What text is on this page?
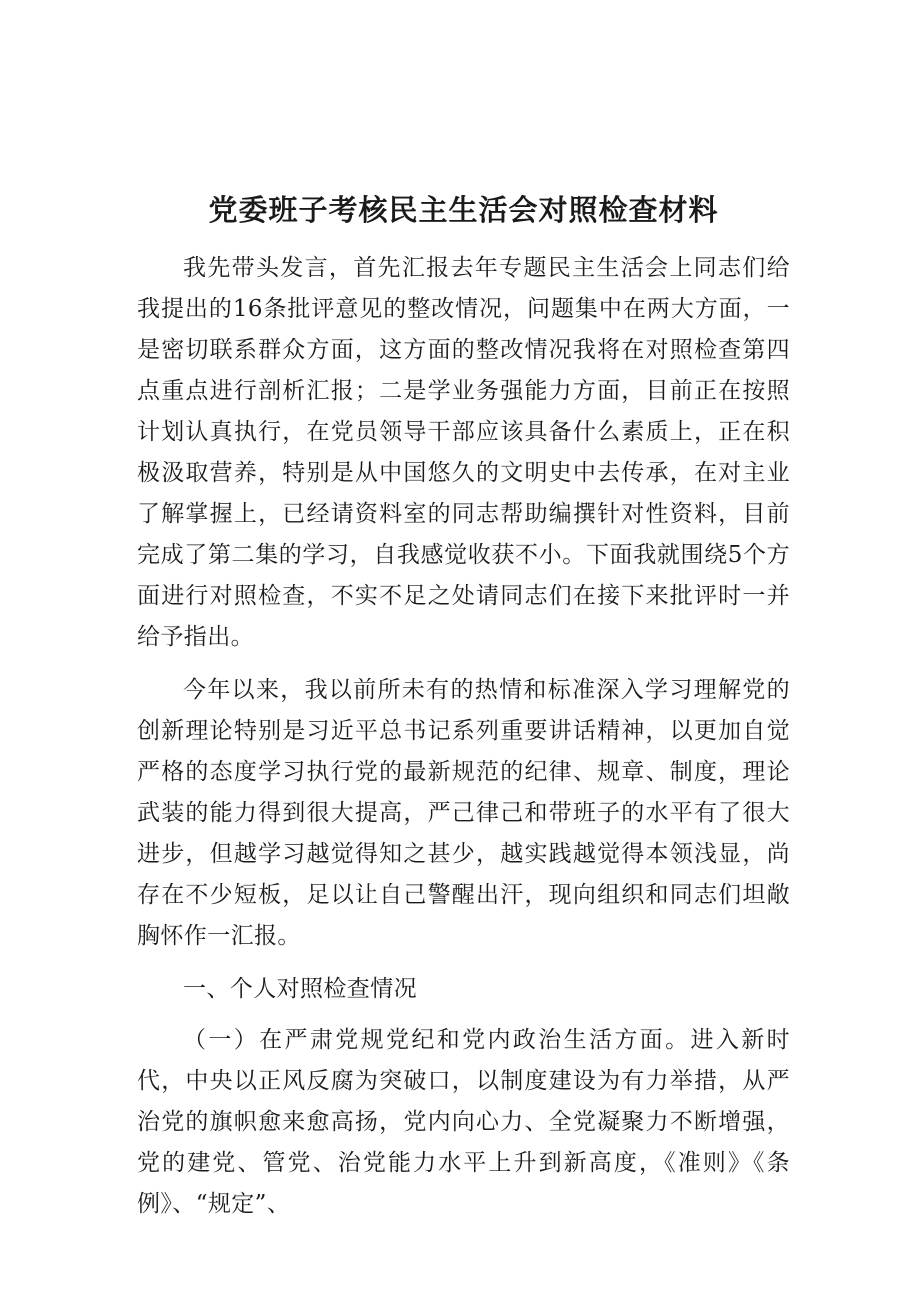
党委班子考核民主生活会对照检查材料

我先带头发言，首先汇报去年专题民主生活会上同志们给我提出的16条批评意见的整改情况，问题集中在两大方面，一是密切联系群众方面，这方面的整改情况我将在对照检查第四点重点进行剖析汇报；二是学业务强能力方面，目前正在按照计划认真执行，在党员领导干部应该具备什么素质上，正在积极汲取营养，特别是从中国悠久的文明史中去传承，在对主业了解掌握上，已经请资料室的同志帮助编撰针对性资料，目前完成了第二集的学习，自我感觉收获不小。下面我就围绕5个方面进行对照检查，不实不足之处请同志们在接下来批评时一并给予指出。

今年以来，我以前所未有的热情和标准深入学习理解党的创新理论特别是习近平总书记系列重要讲话精神，以更加自觉严格的态度学习执行党的最新规范的纪律、规章、制度，理论武装的能力得到很大提高，严己律己和带班子的水平有了很大进步，但越学习越觉得知之甚少，越实践越觉得本领浅显，尚存在不少短板，足以让自己警醒出汗，现向组织和同志们坦敞胸怀作一汇报。

一、个人对照检查情况

（一）在严肃党规党纪和党内政治生活方面。进入新时代，中央以正风反腐为突破口，以制度建设为有力举措，从严治党的旗帜愈来愈高扬，党内向心力、全党凝聚力不断增强，党的建党、管党、治党能力水平上升到新高度，《准则》《条例》、“规定”、
